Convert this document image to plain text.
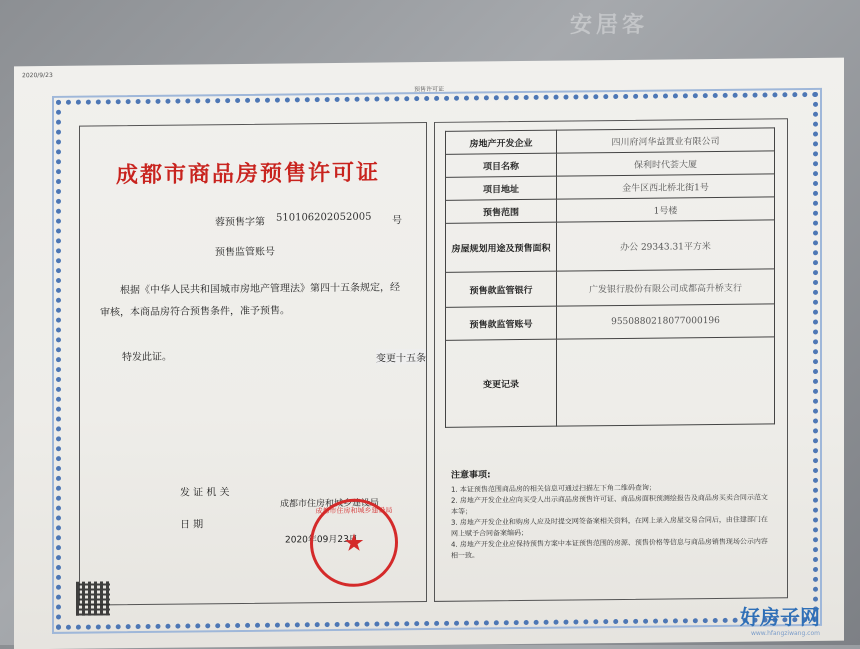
安居客
2020/9/23
预售许可证
成都市商品房预售许可证
蓉预售字第 510106202052005 号
预售监管账号
根据《中华人民共和国城市房地产管理法》第四十五条规定，经审核，本商品房符合预售条件，准予预售。
特发此证。	变更十五条
发 证 机 关
日 期
成都市住房和城乡建设局
2020年09月23日
成都市住房和城乡建设局
★
房地产开发企业	四川府河华益置业有限公司
项目名称	保利时代荟大厦
项目地址	金牛区西北桥北街1号
预售范围	1号楼
房屋规划用途及预售面积	办公 29343.31平方米
预售款监管银行	广发银行股份有限公司成都高升桥支行
预售款监管账号	9550880218077000196
变更记录	
注意事项:
1. 本证预售范围商品房的相关信息可通过扫描左下角二维码查询；
2. 房地产开发企业应向买受人出示商品房预售许可证、商品房面积预测绘报告及商品房买卖合同示范文本等；
3. 房地产开发企业和购房人应及时提交网签备案相关资料，在网上录入房屋交易合同后，由住建部门在网上赋予合同备案编码；
4. 房地产开发企业应保持预售方案中本证预售范围的房源、预售价格等信息与商品房销售现场公示内容相一致。
好房子网
www.hfangziwang.com
